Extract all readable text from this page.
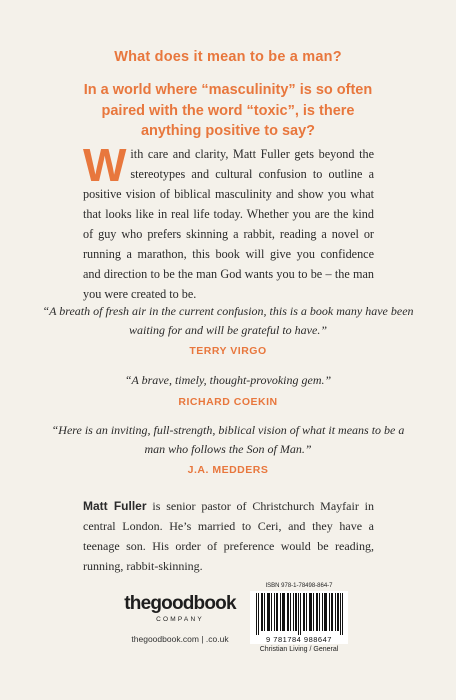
What does it mean to be a man?
In a world where “masculinity” is so often paired with the word “toxic”, is there anything positive to say?

With care and clarity, Matt Fuller gets beyond the stereotypes and cultural confusion to outline a positive vision of biblical masculinity and show you what that looks like in real life today. Whether you are the kind of guy who prefers skinning a rabbit, reading a novel or running a marathon, this book will give you confidence and direction to be the man God wants you to be – the man you were created to be.

“A breath of fresh air in the current confusion, this is a book many have been waiting for and will be grateful to have.”

TERRY VIRGO

“A brave, timely, thought-provoking gem.”

RICHARD COEKIN

“Here is an inviting, full-strength, biblical vision of what it means to be a man who follows the Son of Man.”

J.A. MEDDERS

Matt Fuller is senior pastor of Christchurch Mayfair in central London. He’s married to Ceri, and they have a teenage son. His order of preference would be reading, running, rabbit-skinning.

thegoodbook
COMPANY
thegoodbook.com | .co.uk
ISBN 978-1-78498-864-7
9 781784 988647
Christian Living / General
